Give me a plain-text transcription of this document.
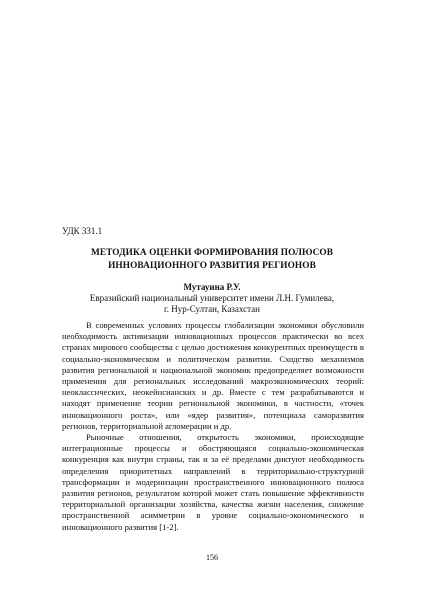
УДК 331.1
МЕТОДИКА ОЦЕНКИ ФОРМИРОВАНИЯ ПОЛЮСОВ
ИННОВАЦИОННОГО РАЗВИТИЯ РЕГИОНОВ
Мутауина Р.У.
Евразийский национальный университет имени Л.Н. Гумилева,
г. Нур-Султан, Казахстан

В современных условиях процессы глобализации экономики обусловили необходимость активизации инновационных процессов практически во всех странах мирового сообщества с целью достижения конкурентных преимуществ в социально-экономическом и политическом развитии. Сходство механизмов развития региональной и национальной экономик предопределяет возможности применения для региональных исследований макроэкономических теорий: неоклассических, неокейнсианских и др. Вместе с тем разрабатываются и находят применение теории региональной экономики, в частности, «точек инновационного роста», или «ядер развития», потенциала саморазвития регионов, территориальной агломерации и др.

Рыночные отношения, открытость экономики, происходящие интеграционные процессы и обостряющаяся социально-экономическая конкуренция как внутри страны, так и за её пределами диктуют необходимость определения приоритетных направлений в территориально-структурной трансформации и модернизации пространственного инновационного полюса развития регионов, результатом которой может стать повышение эффективности территориальной организации хозяйства, качества жизни населения, снижение пространственной асимметрии в уровне социально-экономического и инновационного развития [1-2].

156
